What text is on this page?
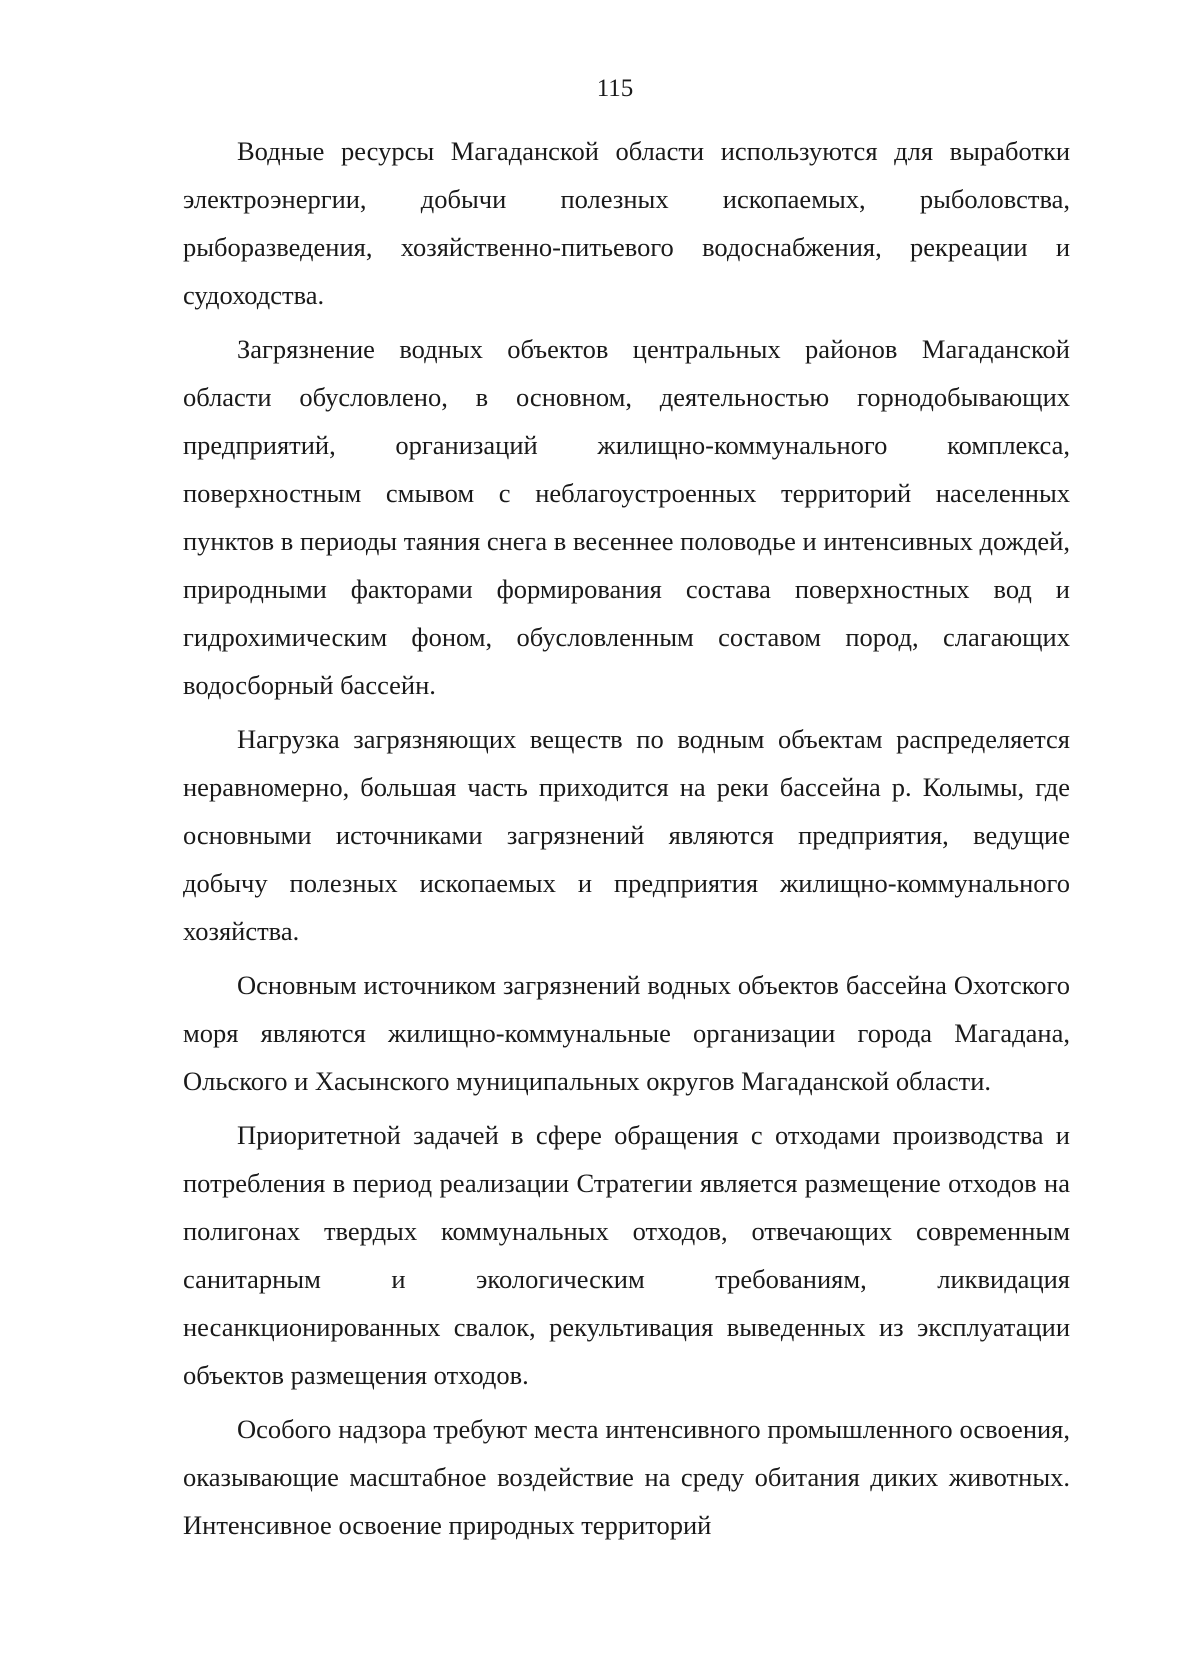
115

Водные ресурсы Магаданской области используются для выработки электроэнергии, добычи полезных ископаемых, рыболовства, рыборазведения, хозяйственно-питьевого водоснабжения, рекреации и судоходства.

Загрязнение водных объектов центральных районов Магаданской области обусловлено, в основном, деятельностью горнодобывающих предприятий, организаций жилищно-коммунального комплекса, поверхностным смывом с неблагоустроенных территорий населенных пунктов в периоды таяния снега в весеннее половодье и интенсивных дождей, природными факторами формирования состава поверхностных вод и гидрохимическим фоном, обусловленным составом пород, слагающих водосборный бассейн.

Нагрузка загрязняющих веществ по водным объектам распределяется неравномерно, большая часть приходится на реки бассейна р. Колымы, где основными источниками загрязнений являются предприятия, ведущие добычу полезных ископаемых и предприятия жилищно-коммунального хозяйства.

Основным источником загрязнений водных объектов бассейна Охотского моря являются жилищно-коммунальные организации города Магадана, Ольского и Хасынского муниципальных округов Магаданской области.

Приоритетной задачей в сфере обращения с отходами производства и потребления в период реализации Стратегии является размещение отходов на полигонах твердых коммунальных отходов, отвечающих современным санитарным и экологическим требованиям, ликвидация несанкционированных свалок, рекультивация выведенных из эксплуатации объектов размещения отходов.

Особого надзора требуют места интенсивного промышленного освоения, оказывающие масштабное воздействие на среду обитания диких животных. Интенсивное освоение природных территорий
